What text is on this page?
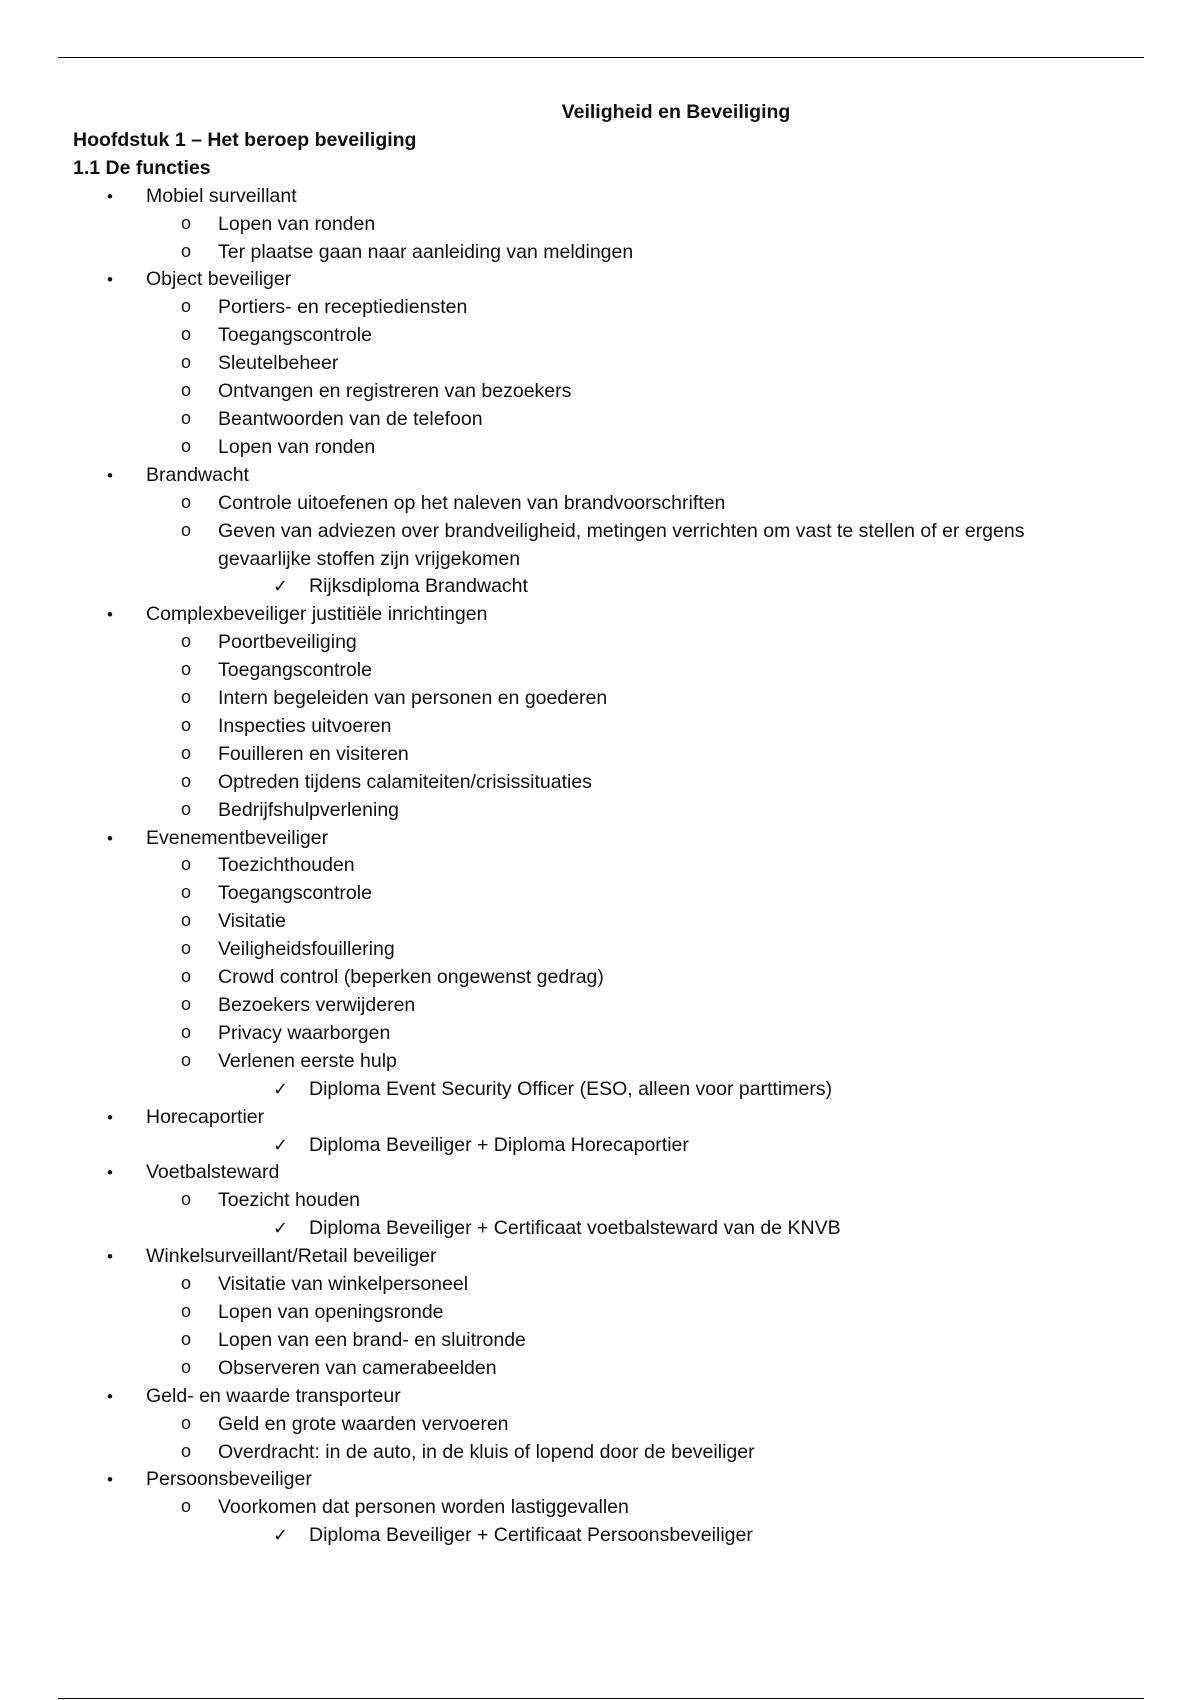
Veiligheid en Beveiliging
Hoofdstuk 1 – Het beroep beveiliging
1.1 De functies
• Mobiel surveillant
o Lopen van ronden
o Ter plaatse gaan naar aanleiding van meldingen
• Object beveiliger
o Portiers- en receptiediensten
o Toegangscontrole
o Sleutelbeheer
o Ontvangen en registreren van bezoekers
o Beantwoorden van de telefoon
o Lopen van ronden
• Brandwacht
o Controle uitoefenen op het naleven van brandvoorschriften
o Geven van adviezen over brandveiligheid, metingen verrichten om vast te stellen of er ergens gevaarlijke stoffen zijn vrijgekomen
✓ Rijksdiploma Brandwacht
• Complexbeveiliger justitiële inrichtingen
o Poortbeveiliging
o Toegangscontrole
o Intern begeleiden van personen en goederen
o Inspecties uitvoeren
o Fouilleren en visiteren
o Optreden tijdens calamiteiten/crisissituaties
o Bedrijfshulpverlening
• Evenementbeveiliger
o Toezichthouden
o Toegangscontrole
o Visitatie
o Veiligheidsfouillering
o Crowd control (beperken ongewenst gedrag)
o Bezoekers verwijderen
o Privacy waarborgen
o Verlenen eerste hulp
✓ Diploma Event Security Officer (ESO, alleen voor parttimers)
• Horecaportier
✓ Diploma Beveiliger + Diploma Horecaportier
• Voetbalsteward
o Toezicht houden
✓ Diploma Beveiliger + Certificaat voetbalsteward van de KNVB
• Winkelsurveillant/Retail beveiliger
o Visitatie van winkelpersoneel
o Lopen van openingsronde
o Lopen van een brand- en sluitronde
o Observeren van camerabeelden
• Geld- en waarde transporteur
o Geld en grote waarden vervoeren
o Overdracht: in de auto, in de kluis of lopend door de beveiliger
• Persoonsbeveiliger
o Voorkomen dat personen worden lastiggevallen
✓ Diploma Beveiliger + Certificaat Persoonsbeveiliger
